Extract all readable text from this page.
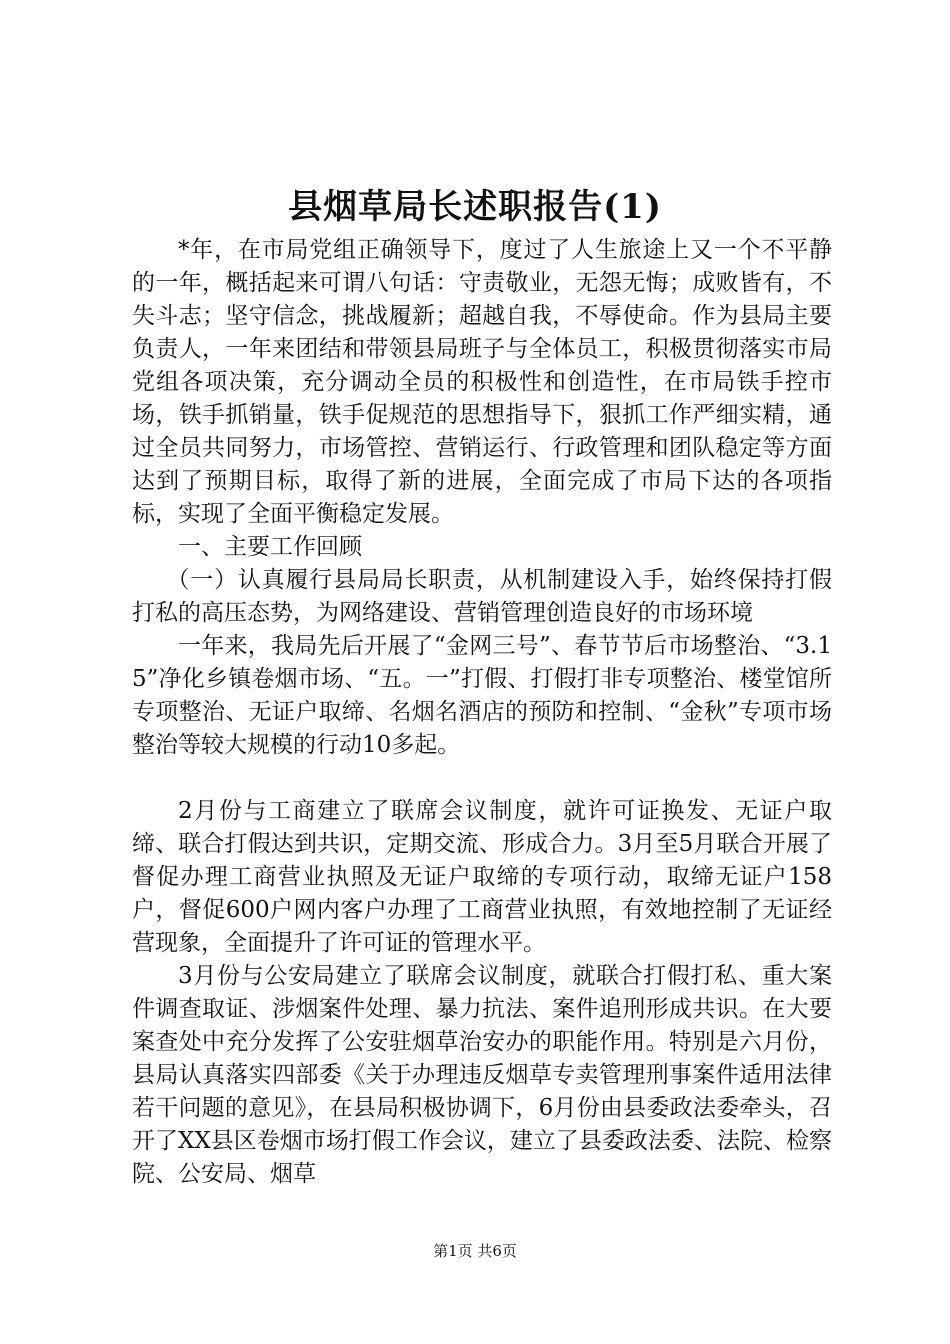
县烟草局长述职报告(1)

*年，在市局党组正确领导下，度过了人生旅途上又一个不平静的一年，概括起来可谓八句话：守责敬业，无怨无悔；成败皆有，不失斗志；坚守信念，挑战履新；超越自我，不辱使命。作为县局主要负责人，一年来团结和带领县局班子与全体员工，积极贯彻落实市局党组各项决策，充分调动全员的积极性和创造性，在市局铁手控市场，铁手抓销量，铁手促规范的思想指导下，狠抓工作严细实精，通过全员共同努力，市场管控、营销运行、行政管理和团队稳定等方面达到了预期目标，取得了新的进展，全面完成了市局下达的各项指标，实现了全面平衡稳定发展。

一、主要工作回顾

（一）认真履行县局局长职责，从机制建设入手，始终保持打假打私的高压态势，为网络建设、营销管理创造良好的市场环境

一年来，我局先后开展了“金网三号”、春节节后市场整治、“3.15”净化乡镇卷烟市场、“五。一”打假、打假打非专项整治、楼堂馆所专项整治、无证户取缔、名烟名酒店的预防和控制、“金秋”专项市场整治等较大规模的行动10多起。

2月份与工商建立了联席会议制度，就许可证换发、无证户取缔、联合打假达到共识，定期交流、形成合力。3月至5月联合开展了督促办理工商营业执照及无证户取缔的专项行动，取缔无证户158户，督促600户网内客户办理了工商营业执照，有效地控制了无证经营现象，全面提升了许可证的管理水平。

3月份与公安局建立了联席会议制度，就联合打假打私、重大案件调查取证、涉烟案件处理、暴力抗法、案件追刑形成共识。在大要案查处中充分发挥了公安驻烟草治安办的职能作用。特别是六月份，县局认真落实四部委《关于办理违反烟草专卖管理刑事案件适用法律若干问题的意见》，在县局积极协调下，6月份由县委政法委牵头，召开了XX县区卷烟市场打假工作会议，建立了县委政法委、法院、检察院、公安局、烟草

第1页 共6页
